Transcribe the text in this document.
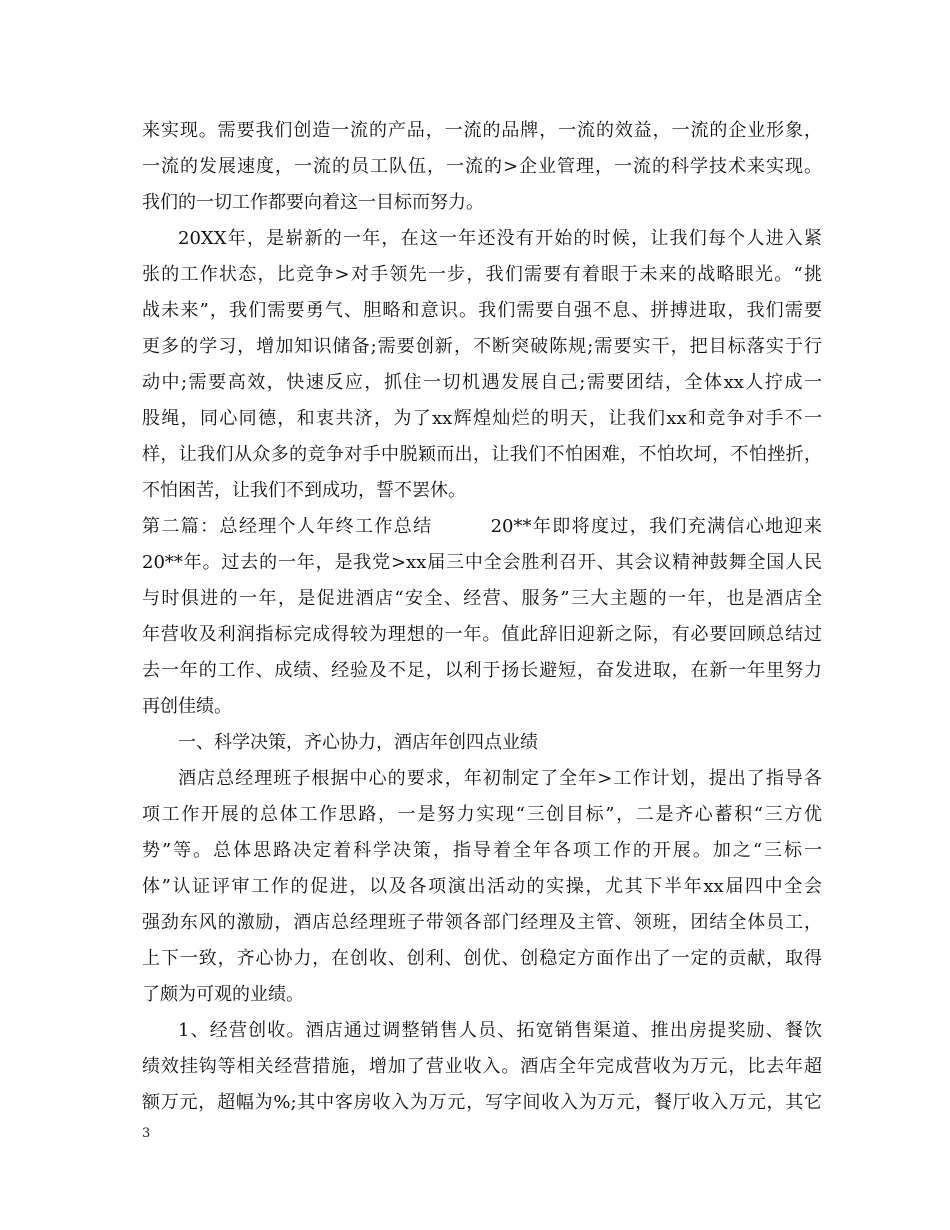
来实现。需要我们创造一流的产品，一流的品牌，一流的效益，一流的企业形象，
一流的发展速度，一流的员工队伍，一流的>企业管理，一流的科学技术来实现。
我们的一切工作都要向着这一目标而努力。
20XX年，是崭新的一年，在这一年还没有开始的时候，让我们每个人进入紧
张的工作状态，比竞争>对手领先一步，我们需要有着眼于未来的战略眼光。“挑
战未来”，我们需要勇气、胆略和意识。我们需要自强不息、拼搏进取，我们需要
更多的学习，增加知识储备;需要创新，不断突破陈规;需要实干，把目标落实于行
动中;需要高效，快速反应，抓住一切机遇发展自己;需要团结，全体xx人拧成一
股绳，同心同德，和衷共济，为了xx辉煌灿烂的明天，让我们xx和竞争对手不一
样，让我们从众多的竞争对手中脱颖而出，让我们不怕困难，不怕坎坷，不怕挫折，
不怕困苦，让我们不到成功，誓不罢休。
第二篇：总经理个人年终工作总结　　　20**年即将度过，我们充满信心地迎来
20**年。过去的一年，是我党>xx届三中全会胜利召开、其会议精神鼓舞全国人民
与时俱进的一年，是促进酒店“安全、经营、服务”三大主题的一年，也是酒店全
年营收及利润指标完成得较为理想的一年。值此辞旧迎新之际，有必要回顾总结过
去一年的工作、成绩、经验及不足，以利于扬长避短，奋发进取，在新一年里努力
再创佳绩。
一、科学决策，齐心协力，酒店年创四点业绩
酒店总经理班子根据中心的要求，年初制定了全年>工作计划，提出了指导各
项工作开展的总体工作思路，一是努力实现“三创目标”，二是齐心蓄积“三方优
势”等。总体思路决定着科学决策，指导着全年各项工作的开展。加之“三标一
体”认证评审工作的促进，以及各项演出活动的实操，尤其下半年xx届四中全会
强劲东风的激励，酒店总经理班子带领各部门经理及主管、领班，团结全体员工，
上下一致，齐心协力，在创收、创利、创优、创稳定方面作出了一定的贡献，取得
了颇为可观的业绩。
1、经营创收。酒店通过调整销售人员、拓宽销售渠道、推出房提奖励、餐饮
绩效挂钩等相关经营措施，增加了营业收入。酒店全年完成营收为万元，比去年超
额万元，超幅为%;其中客房收入为万元，写字间收入为万元，餐厅收入万元，其它
3
